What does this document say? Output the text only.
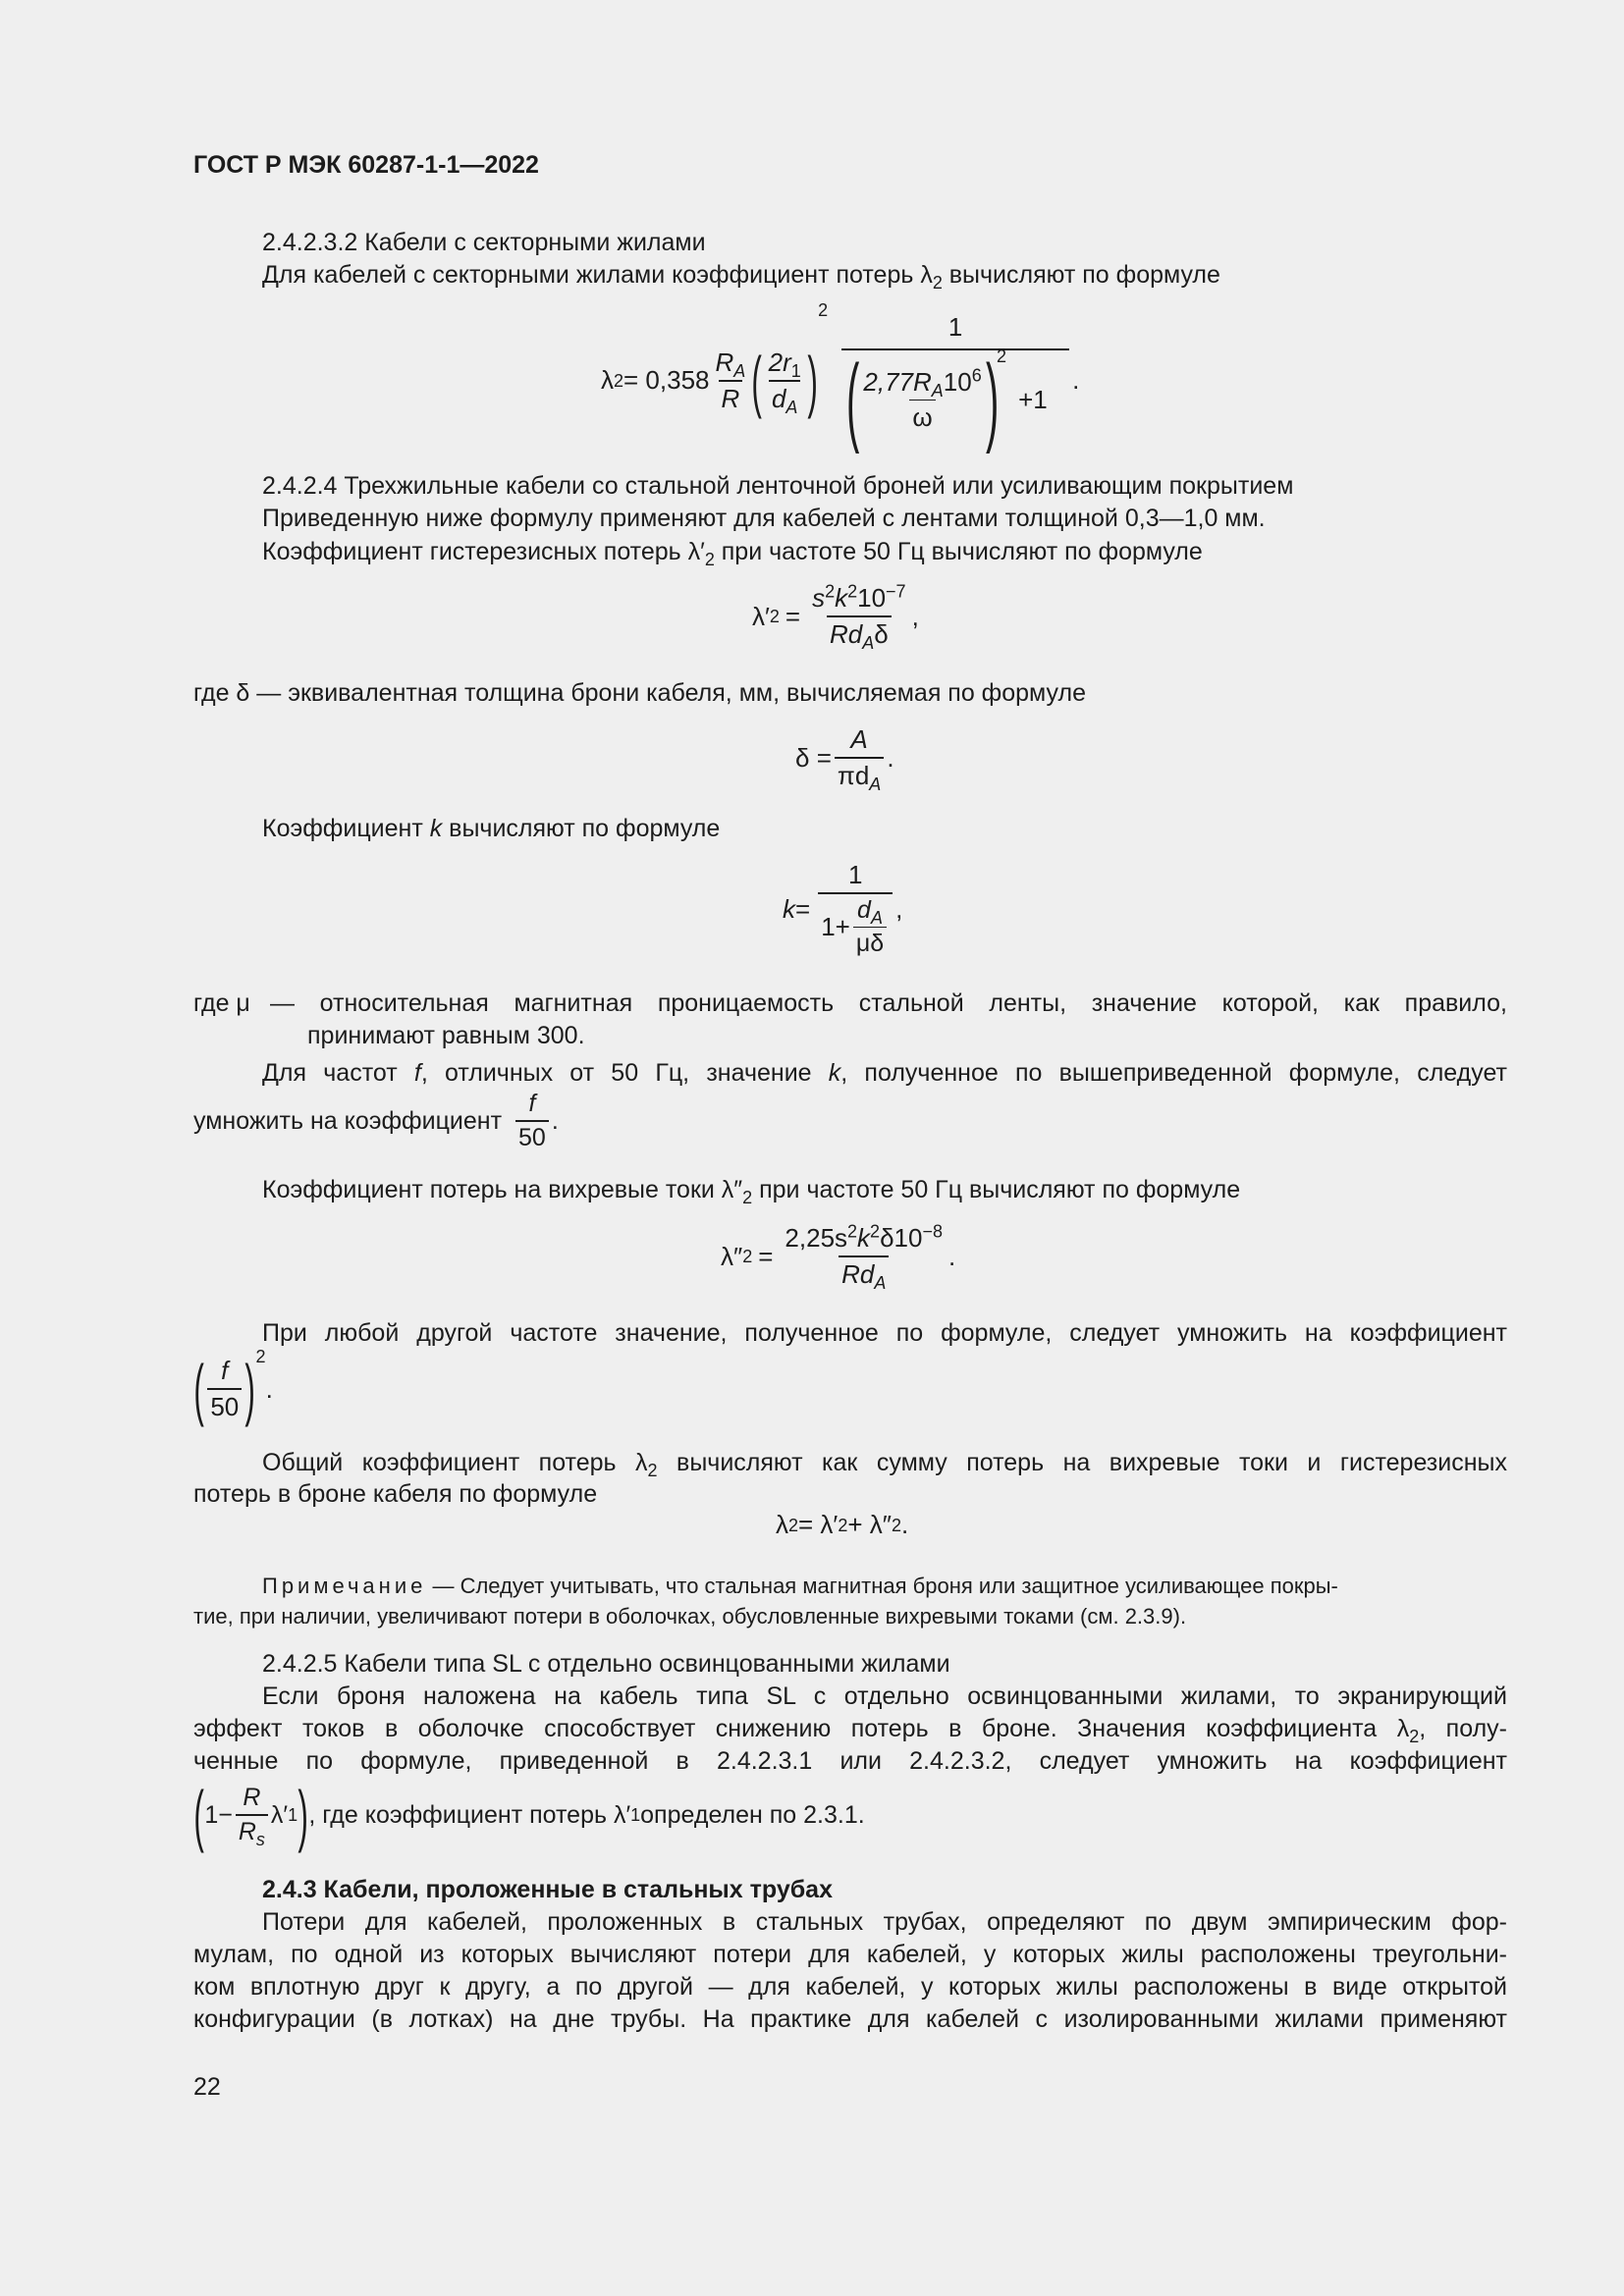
ГОСТ Р МЭК 60287-1-1—2022
2.4.2.3.2 Кабели с секторными жилами
Для кабелей с секторными жилами коэффициент потерь $\lambda_2$ вычисляют по формуле
λ $2 = 0,358 \frac{R_A}{R}$ ( $\frac{2r_1}{d_A}$ )
2
1
( $\frac{2,77R_A10^6}{\omega}$ )
2
+1 .
2.4.2.4 Трехжильные кабели со стальной ленточной броней или усиливающим покрытием
Приведенную ниже формулу применяют для кабелей с лентами толщиной 0,3—1,0 мм.
Коэффициент гистерезисных потерь $\lambda'_2$ при частоте 50 Гц вычисляют по формуле
λ′ $2 = \frac{s^2k^210^{-7}}{Rd_A\delta}$ ,
где δ — эквивалентная толщина брони кабеля, мм, вычисляемая по формуле
$\delta = \frac{A}{\pi d_A}$ .
Коэффициент k вычисляют по формуле
$k = \frac{1}{1+ \frac{d_A}{\mu\delta}}$ ,
где μ — относительная магнитная проницаемость стальной ленты, значение которой, как правило,
принимают равным 300.
Для частот f, отличных от 50 Гц, значение k, полученное по вышеприведенной формуле, следует
умножить на коэффициент $\frac{f}{50}$ .
Коэффициент потерь на вихревые токи $\lambda''_2$ при частоте 50 Гц вычисляют по формуле
λ″ $2 = \frac{2,25s^2k^2\delta 10^{-8}}{Rd_A}$ .
При любой другой частоте значение, полученное по формуле, следует умножить на коэффициент
( $\frac{f}{50}$ ) 2
.
Общий коэффициент потерь $\lambda_2$ вычисляют как сумму потерь на вихревые токи и гистерезисных
потерь в броне кабеля по формуле
λ 2 = λ′ 2 + λ″ 2 .
Примечание — Следует учитывать, что стальная магнитная броня или защитное усиливающее покры-
тие, при наличии, увеличивают потери в оболочках, обусловленные вихревыми токами (см. 2.3.9).
2.4.2.5 Кабели типа SL с отдельно освинцованными жилами
Если броня наложена на кабель типа SL с отдельно освинцованными жилами, то экранирующий
эффект токов в оболочке способствует снижению потерь в броне. Значения коэффициента $\lambda_2$, полу-
ченные по формуле, приведенной в 2.4.2.3.1 или 2.4.2.3.2, следует умножить на коэффициент
( $1- \frac{R}{R_s} \lambda'$ 1 ) , где коэффициент потерь λ′ 1 определен по 2.3.1.
2.4.3 Кабели, проложенные в стальных трубах
Потери для кабелей, проложенных в стальных трубах, определяют по двум эмпирическим фор-
мулам, по одной из которых вычисляют потери для кабелей, у которых жилы расположены треугольни-
ком вплотную друг к другу, а по другой — для кабелей, у которых жилы расположены в виде открытой
конфигурации (в лотках) на дне трубы. На практике для кабелей с изолированными жилами применяют
22
